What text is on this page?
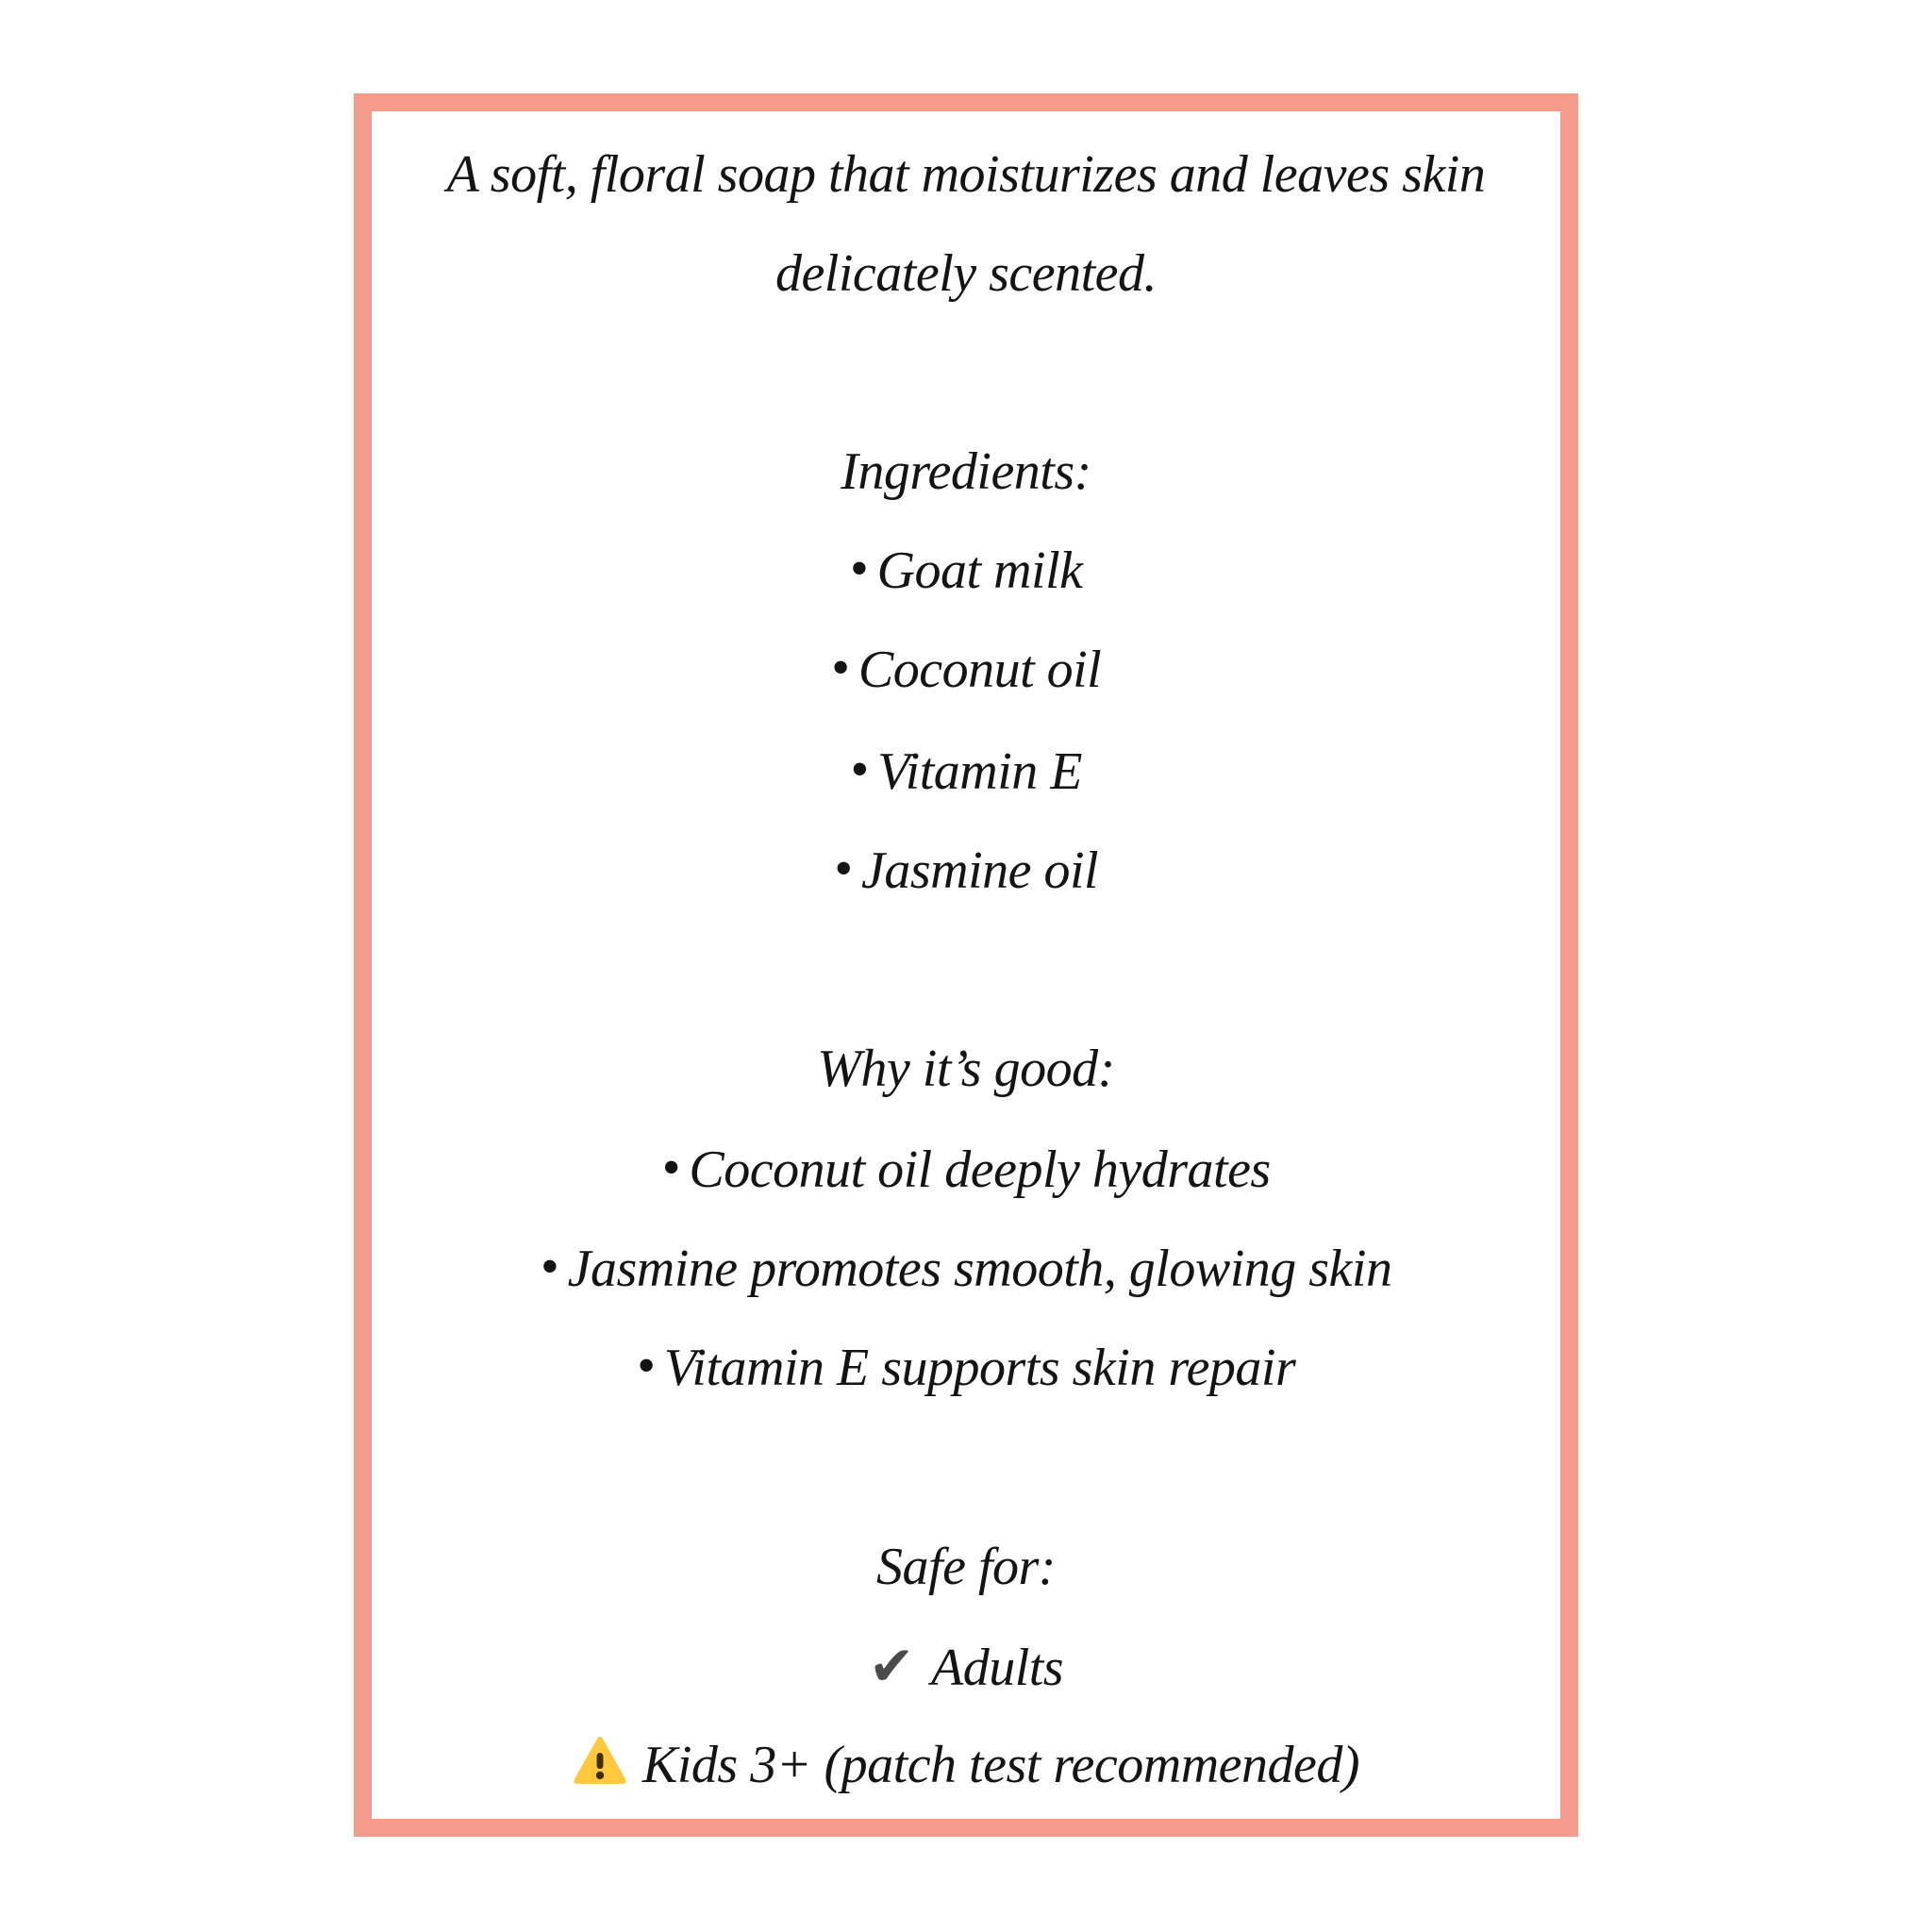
A soft, floral soap that moisturizes and leaves skin
delicately scented.
Ingredients:
• Goat milk
• Coconut oil
• Vitamin E
• Jasmine oil
Why it’s good:
• Coconut oil deeply hydrates
• Jasmine promotes smooth, glowing skin
• Vitamin E supports skin repair
Safe for:
✔ Adults
Kids 3+ (patch test recommended)
